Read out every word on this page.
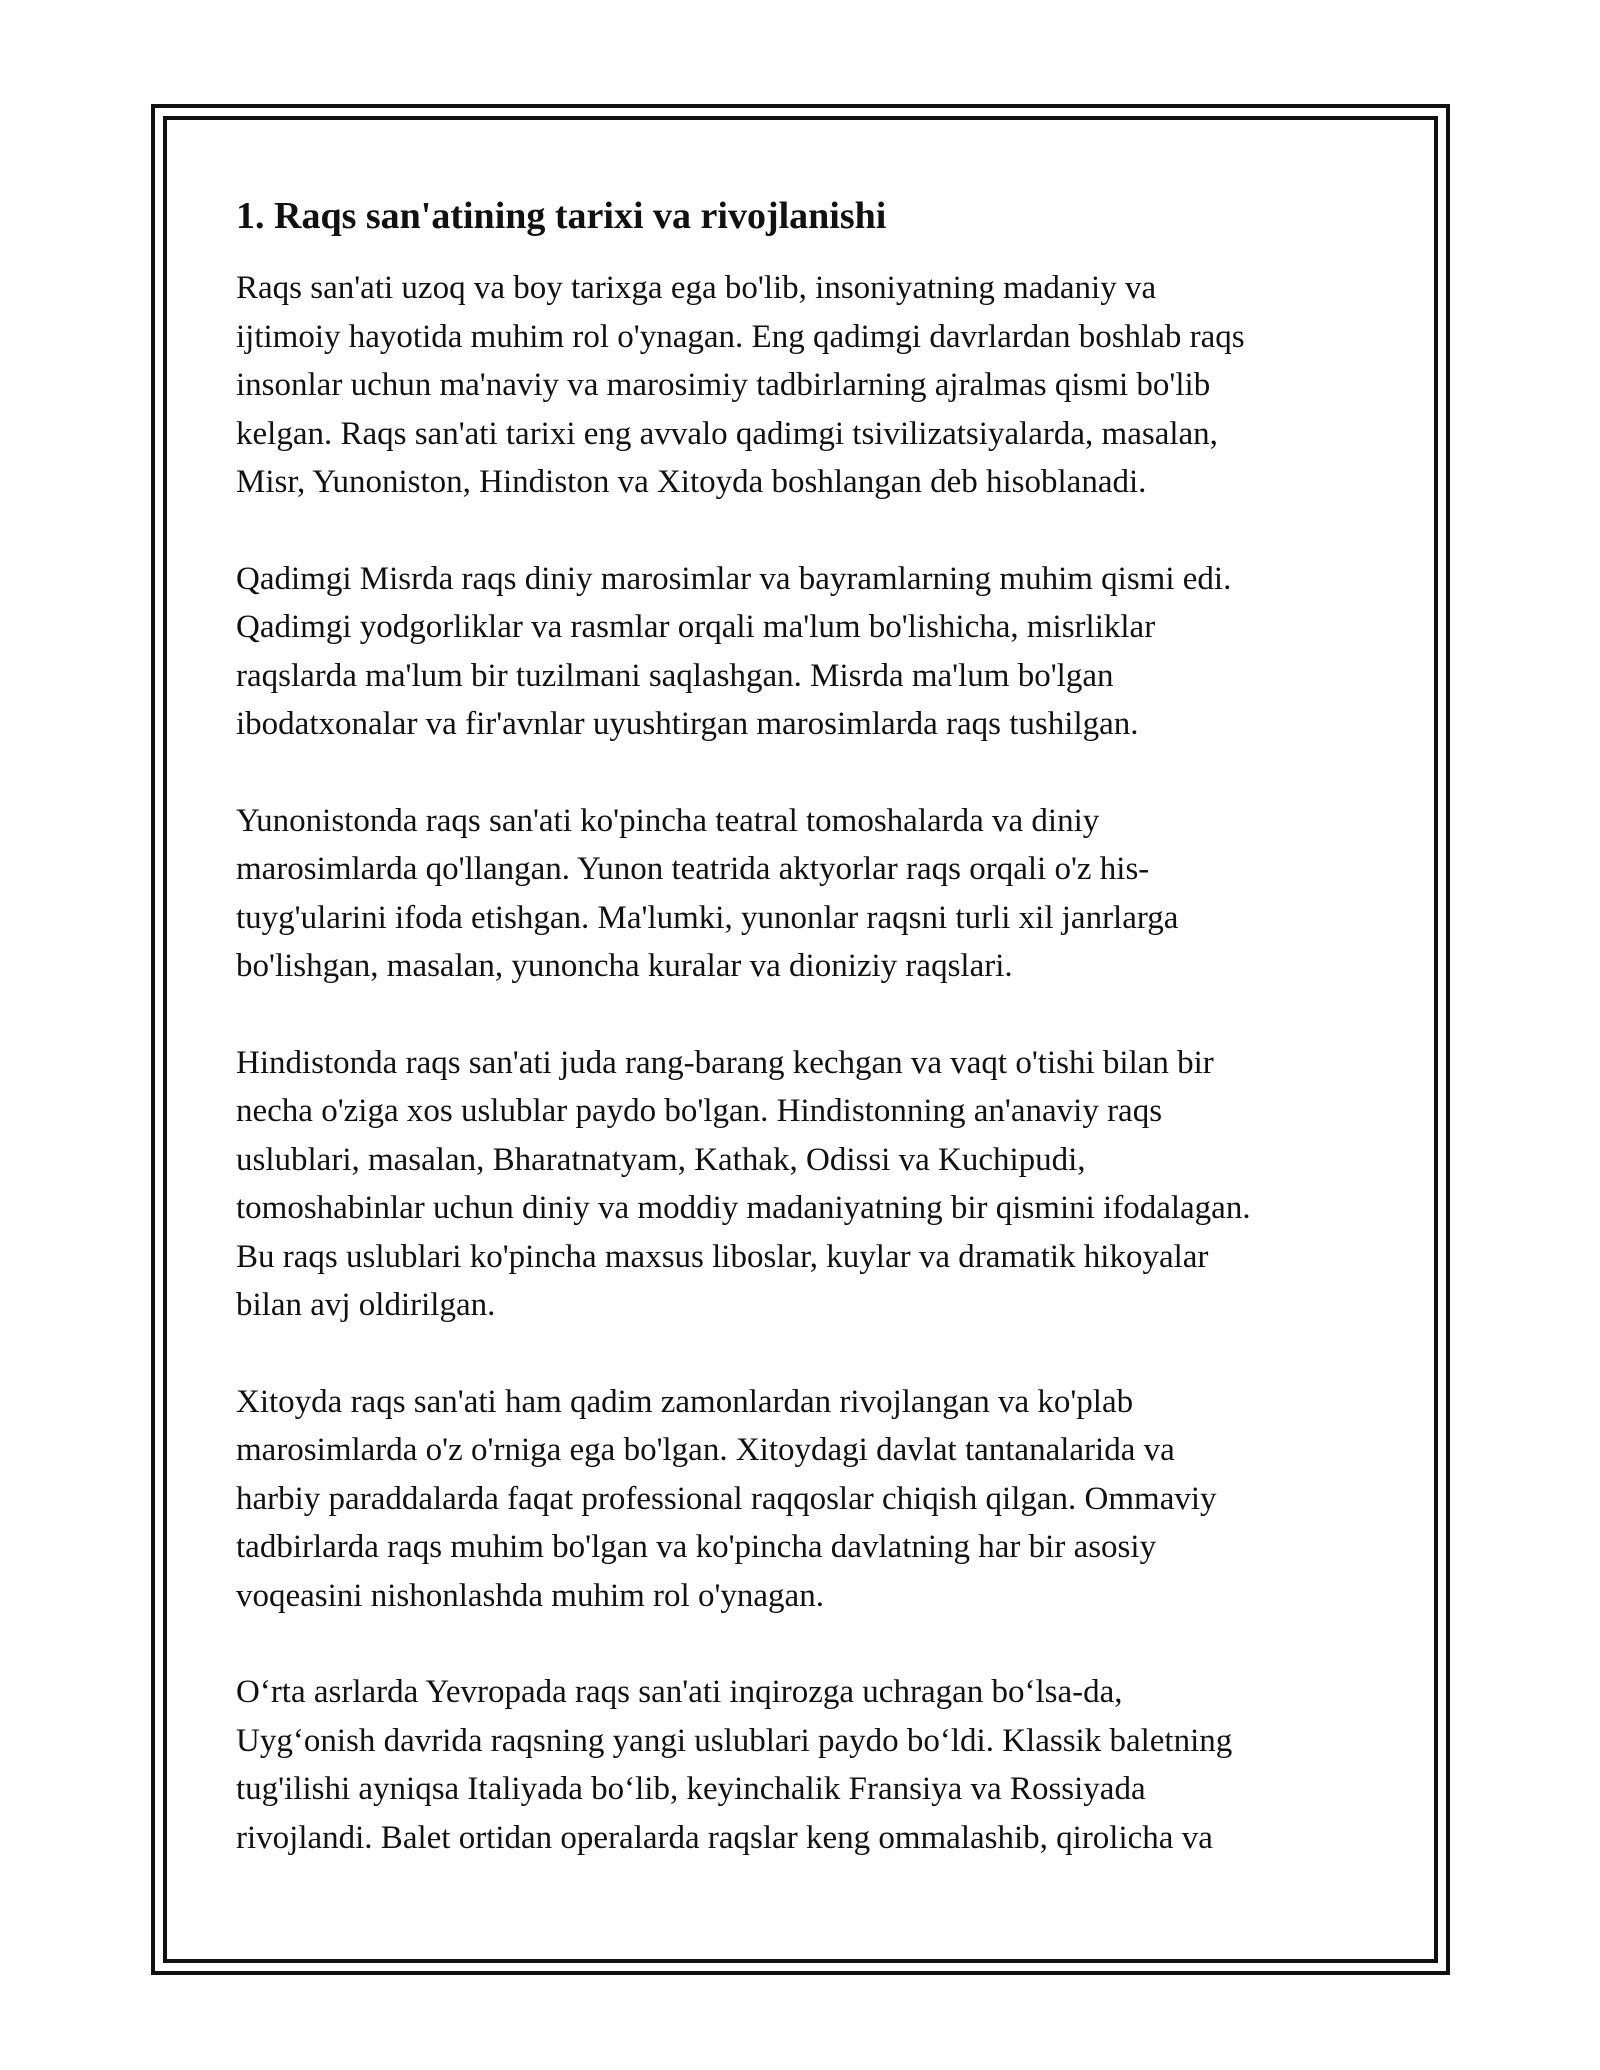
1. Raqs san'atining tarixi va rivojlanishi

Raqs san'ati uzoq va boy tarixga ega bo'lib, insoniyatning madaniy va
ijtimoiy hayotida muhim rol o'ynagan. Eng qadimgi davrlardan boshlab raqs
insonlar uchun ma'naviy va marosimiy tadbirlarning ajralmas qismi bo'lib
kelgan. Raqs san'ati tarixi eng avvalo qadimgi tsivilizatsiyalarda, masalan,
Misr, Yunoniston, Hindiston va Xitoyda boshlangan deb hisoblanadi.

Qadimgi Misrda raqs diniy marosimlar va bayramlarning muhim qismi edi.
Qadimgi yodgorliklar va rasmlar orqali ma'lum bo'lishicha, misrliklar
raqslarda ma'lum bir tuzilmani saqlashgan. Misrda ma'lum bo'lgan
ibodatxonalar va fir'avnlar uyushtirgan marosimlarda raqs tushilgan.

Yunonistonda raqs san'ati ko'pincha teatral tomoshalarda va diniy
marosimlarda qo'llangan. Yunon teatrida aktyorlar raqs orqali o'z his-
tuyg'ularini ifoda etishgan. Ma'lumki, yunonlar raqsni turli xil janrlarga
bo'lishgan, masalan, yunoncha kuralar va dioniziy raqslari.

Hindistonda raqs san'ati juda rang-barang kechgan va vaqt o'tishi bilan bir
necha o'ziga xos uslublar paydo bo'lgan. Hindistonning an'anaviy raqs
uslublari, masalan, Bharatnatyam, Kathak, Odissi va Kuchipudi,
tomoshabinlar uchun diniy va moddiy madaniyatning bir qismini ifodalagan.
Bu raqs uslublari ko'pincha maxsus liboslar, kuylar va dramatik hikoyalar
bilan avj oldirilgan.

Xitoyda raqs san'ati ham qadim zamonlardan rivojlangan va ko'plab
marosimlarda o'z o'rniga ega bo'lgan. Xitoydagi davlat tantanalarida va
harbiy paraddalarda faqat professional raqqoslar chiqish qilgan. Ommaviy
tadbirlarda raqs muhim bo'lgan va ko'pincha davlatning har bir asosiy
voqeasini nishonlashda muhim rol o'ynagan.

O‘rta asrlarda Yevropada raqs san'ati inqirozga uchragan bo‘lsa-da,
Uyg‘onish davrida raqsning yangi uslublari paydo bo‘ldi. Klassik baletning
tug'ilishi ayniqsa Italiyada bo‘lib, keyinchalik Fransiya va Rossiyada
rivojlandi. Balet ortidan operalarda raqslar keng ommalashib, qirolicha va
